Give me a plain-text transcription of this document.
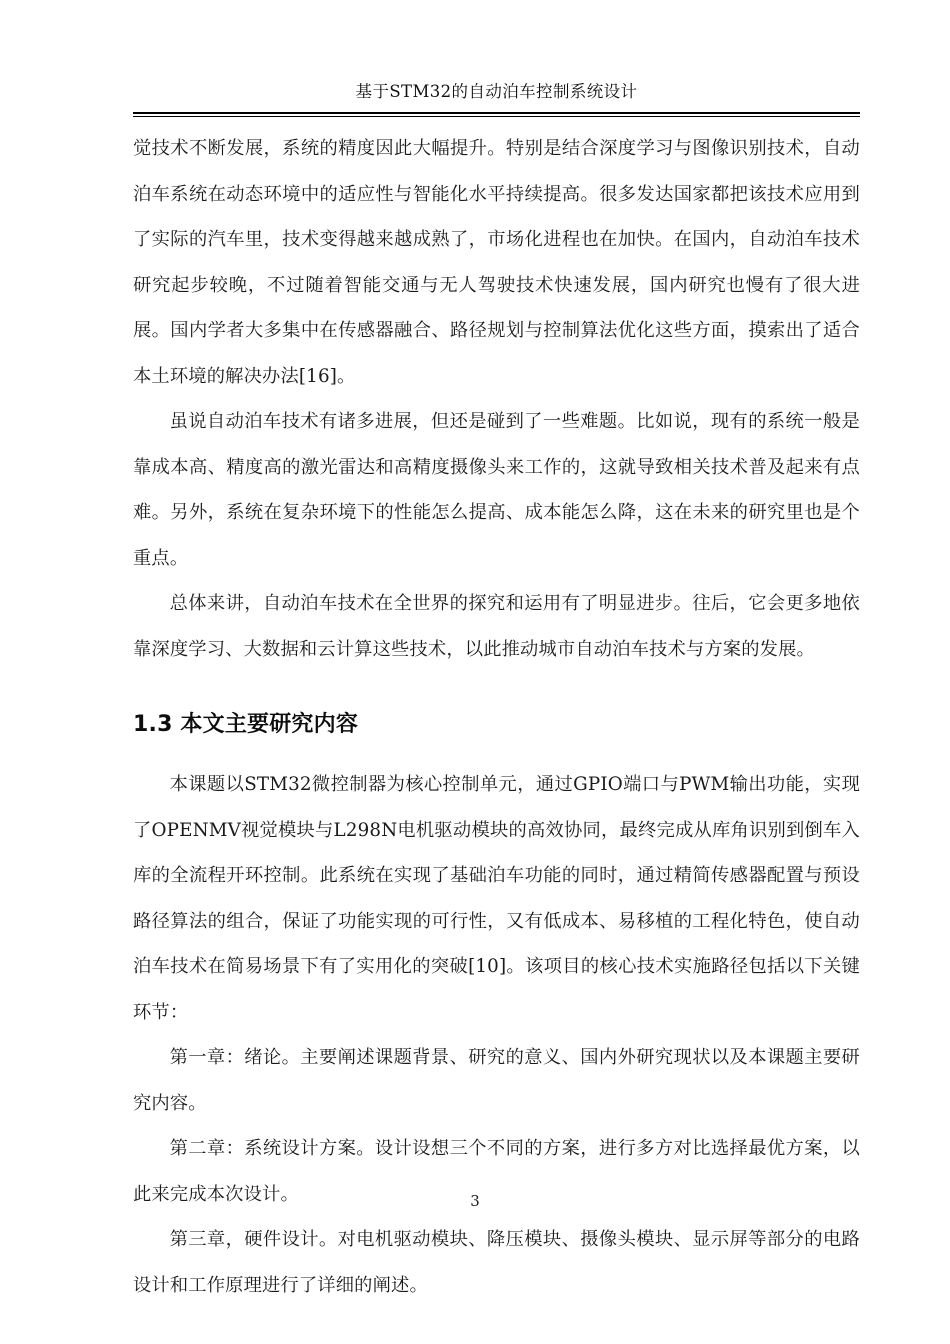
基于STM32的自动泊车控制系统设计

觉技术不断发展，系统的精度因此大幅提升。特别是结合深度学习与图像识别技术，自动泊车系统在动态环境中的适应性与智能化水平持续提高。很多发达国家都把该技术应用到了实际的汽车里，技术变得越来越成熟了，市场化进程也在加快。在国内，自动泊车技术研究起步较晚，不过随着智能交通与无人驾驶技术快速发展，国内研究也慢有了很大进展。国内学者大多集中在传感器融合、路径规划与控制算法优化这些方面，摸索出了适合本土环境的解决办法[16]。

虽说自动泊车技术有诸多进展，但还是碰到了一些难题。比如说，现有的系统一般是靠成本高、精度高的激光雷达和高精度摄像头来工作的，这就导致相关技术普及起来有点难。另外，系统在复杂环境下的性能怎么提高、成本能怎么降，这在未来的研究里也是个重点。

总体来讲，自动泊车技术在全世界的探究和运用有了明显进步。往后，它会更多地依靠深度学习、大数据和云计算这些技术，以此推动城市自动泊车技术与方案的发展。

1.3 本文主要研究内容

本课题以STM32微控制器为核心控制单元，通过GPIO端口与PWM输出功能，实现了OPENMV视觉模块与L298N电机驱动模块的高效协同，最终完成从库角识别到倒车入库的全流程开环控制。此系统在实现了基础泊车功能的同时，通过精简传感器配置与预设路径算法的组合，保证了功能实现的可行性，又有低成本、易移植的工程化特色，使自动泊车技术在简易场景下有了实用化的突破[10]。该项目的核心技术实施路径包括以下关键环节：

第一章：绪论。主要阐述课题背景、研究的意义、国内外研究现状以及本课题主要研究内容。

第二章：系统设计方案。设计设想三个不同的方案，进行多方对比选择最优方案，以此来完成本次设计。

第三章，硬件设计。对电机驱动模块、降压模块、摄像头模块、显示屏等部分的电路设计和工作原理进行了详细的阐述。

3
